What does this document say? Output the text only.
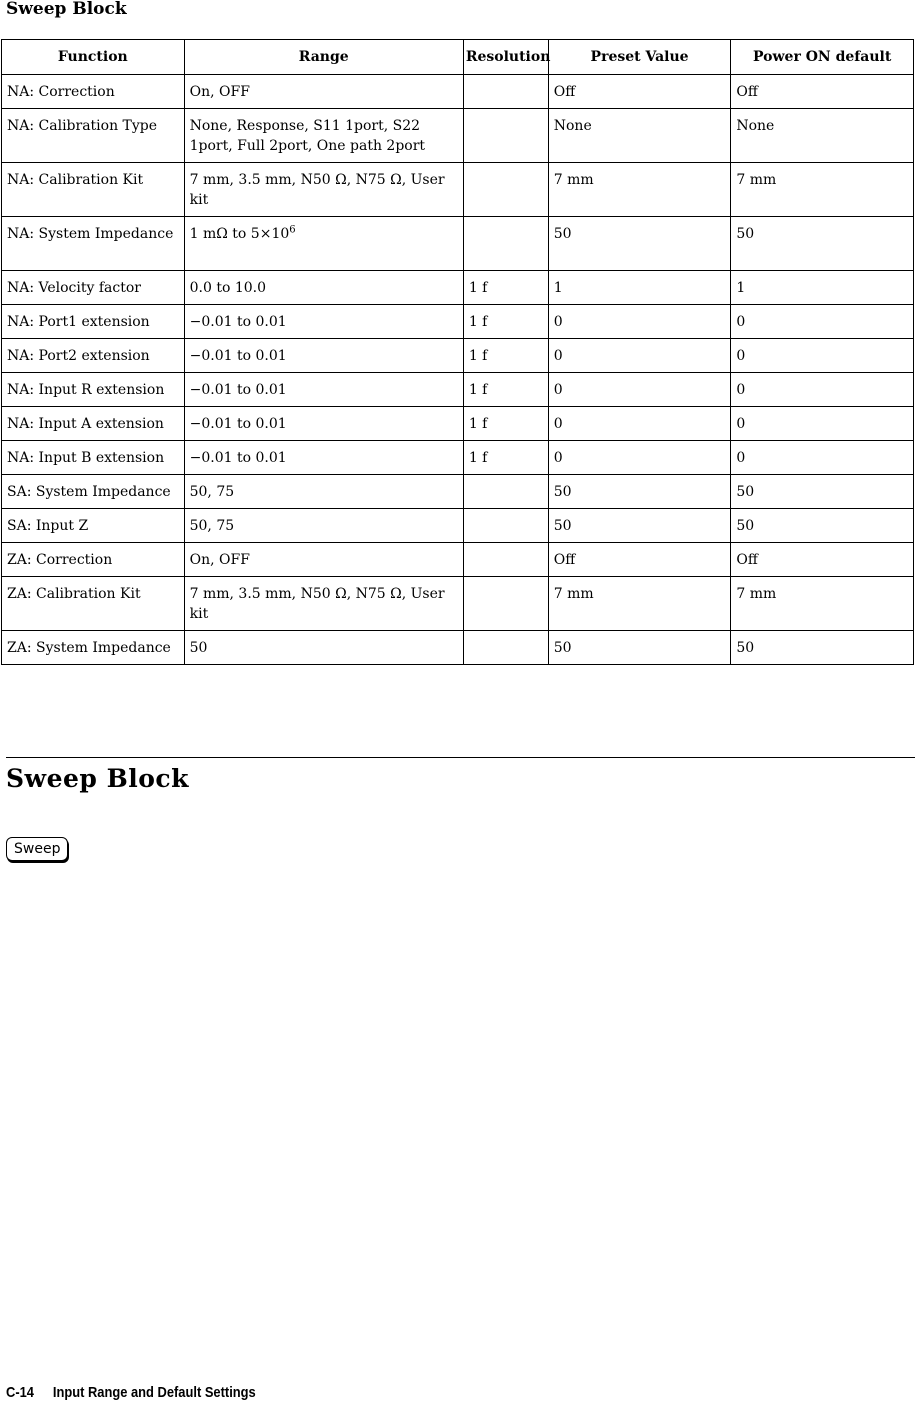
Sweep Block
Function	Range	Resolution	Preset Value	Power ON default
NA: Correction	On, OFF		Off	Off
NA: Calibration Type	None, Response, S11 1port, S22 1port, Full 2port, One path 2port		None	None
NA: Calibration Kit	7 mm, 3.5 mm, N50 Ω, N75 Ω, User kit		7 mm	7 mm
NA: System Impedance	1 mΩ to $5\times 10^6$		50	50
NA: Velocity factor	0.0 to 10.0	1 f	1	1
NA: Port1 extension	−0.01 to 0.01	1 f	0	0
NA: Port2 extension	−0.01 to 0.01	1 f	0	0
NA: Input R extension	−0.01 to 0.01	1 f	0	0
NA: Input A extension	−0.01 to 0.01	1 f	0	0
NA: Input B extension	−0.01 to 0.01	1 f	0	0
SA: System Impedance	50, 75		50	50
SA: Input Z	50, 75		50	50
ZA: Correction	On, OFF		Off	Off
ZA: Calibration Kit	7 mm, 3.5 mm, N50 Ω, N75 Ω, User kit		7 mm	7 mm
ZA: System Impedance	50		50	50
Sweep Block
Sweep
C-14 Input Range and Default Settings
